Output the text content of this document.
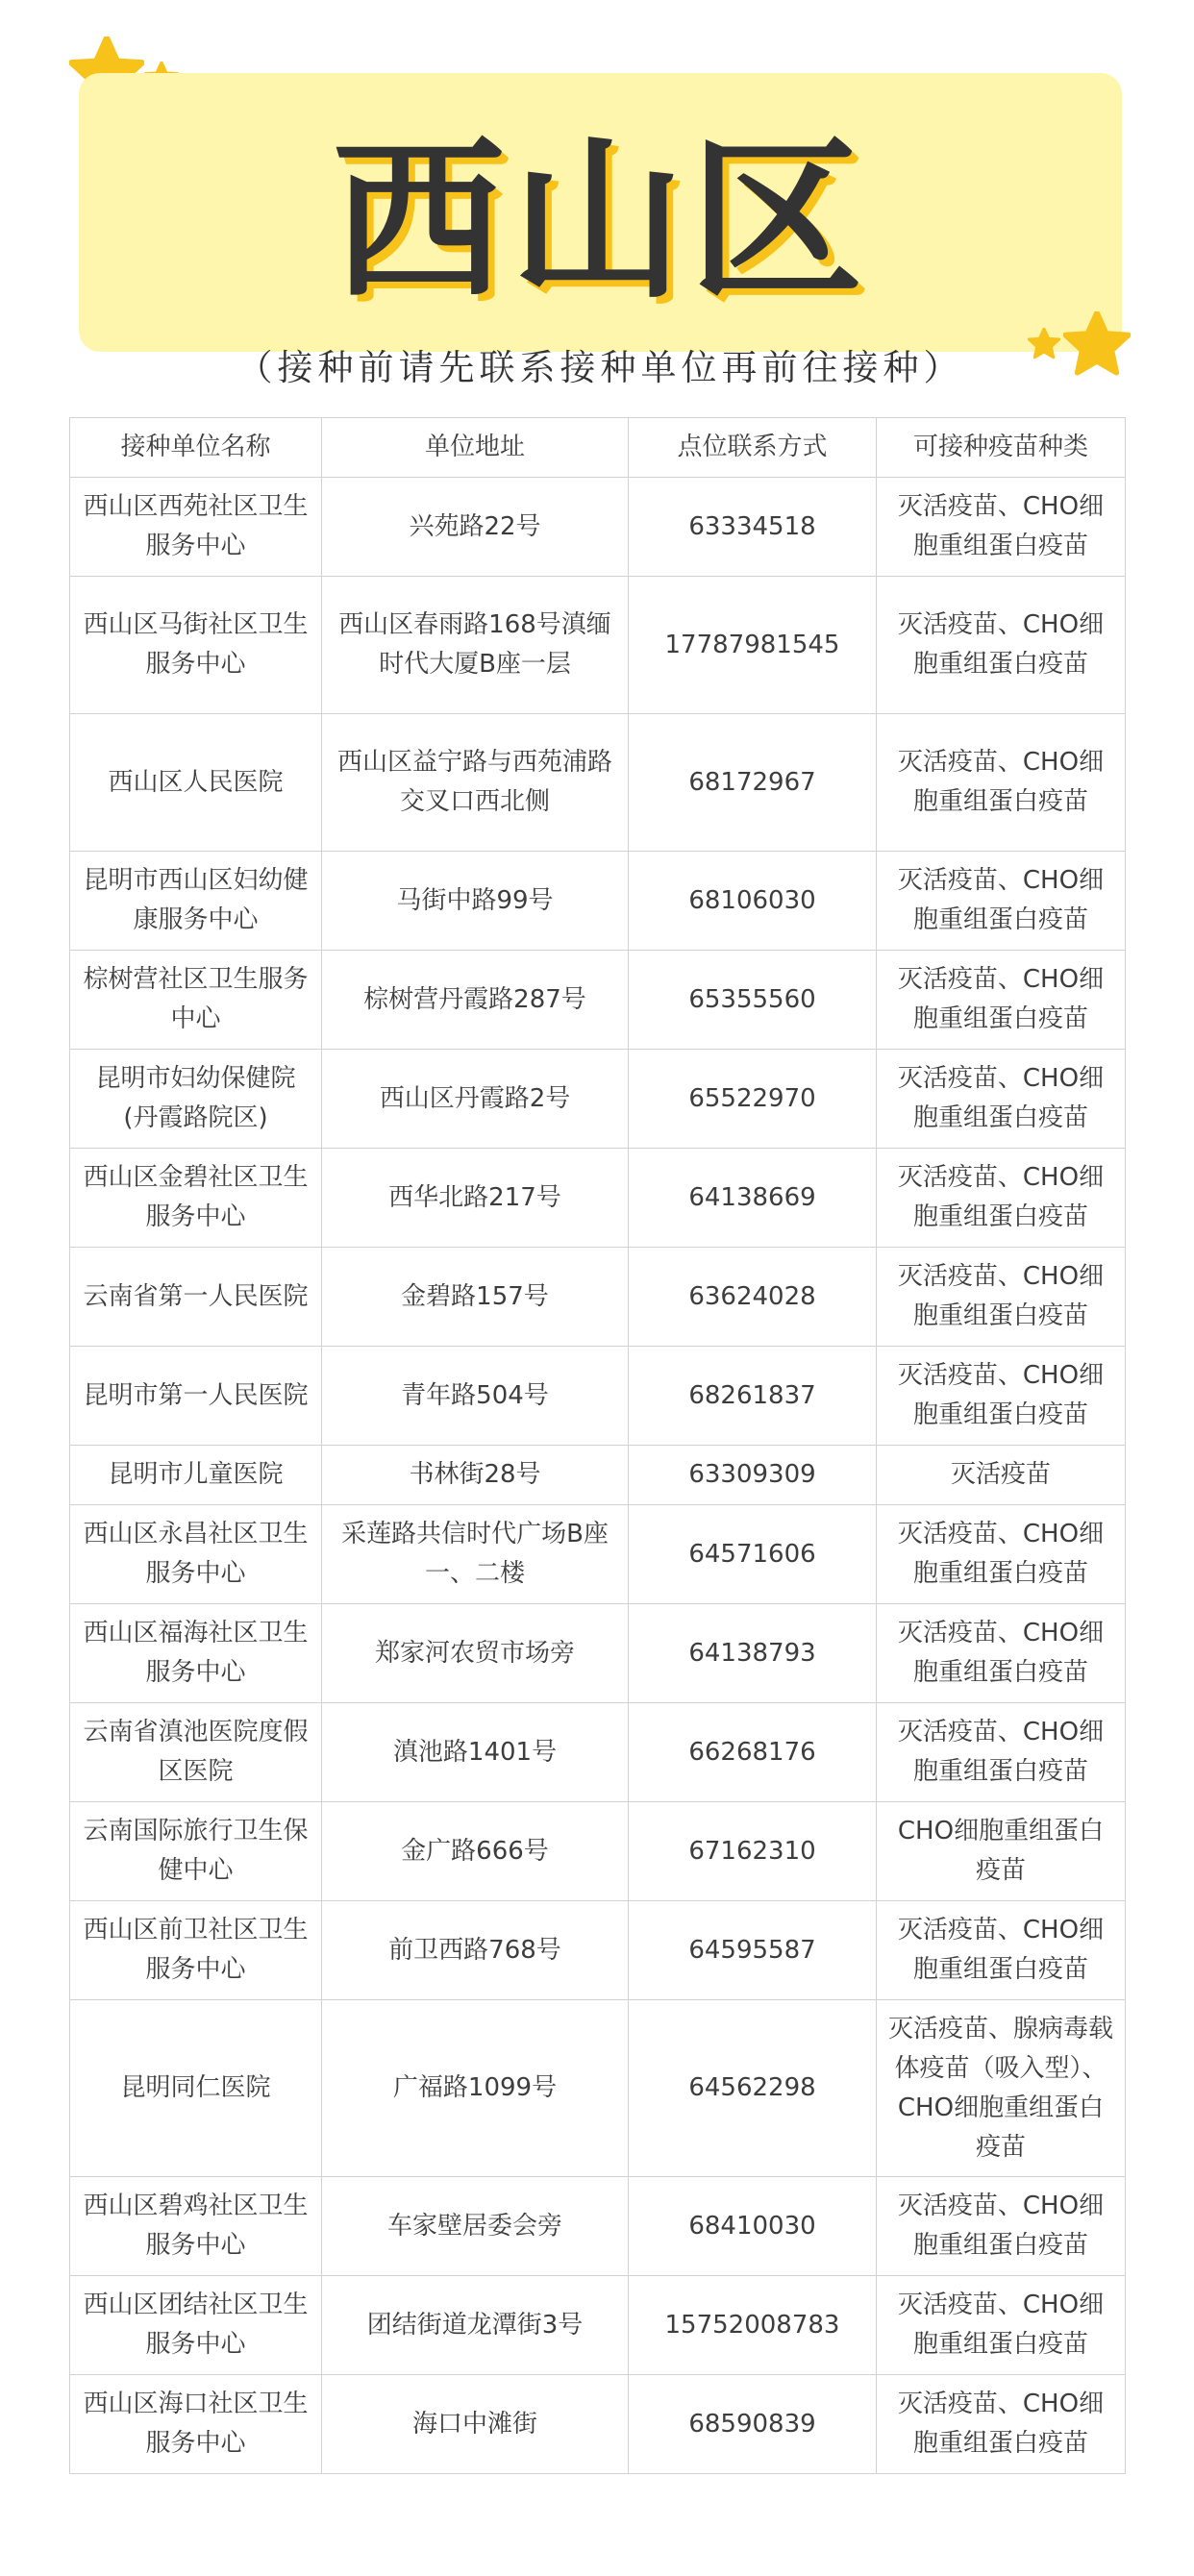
西山区
（接种前请先联系接种单位再前往接种）
接种单位名称	单位地址	点位联系方式	可接种疫苗种类
西山区西苑社区卫生服务中心	兴苑路22号	63334518	灭活疫苗、CHO细胞重组蛋白疫苗
西山区马街社区卫生服务中心	西山区春雨路168号滇缅时代大厦B座一层	17787981545	灭活疫苗、CHO细胞重组蛋白疫苗
西山区人民医院	西山区益宁路与西苑浦路交叉口西北侧	68172967	灭活疫苗、CHO细胞重组蛋白疫苗
昆明市西山区妇幼健康服务中心	马街中路99号	68106030	灭活疫苗、CHO细胞重组蛋白疫苗
棕树营社区卫生服务中心	棕树营丹霞路287号	65355560	灭活疫苗、CHO细胞重组蛋白疫苗
昆明市妇幼保健院 (丹霞路院区)	西山区丹霞路2号	65522970	灭活疫苗、CHO细胞重组蛋白疫苗
西山区金碧社区卫生服务中心	西华北路217号	64138669	灭活疫苗、CHO细胞重组蛋白疫苗
云南省第一人民医院	金碧路157号	63624028	灭活疫苗、CHO细胞重组蛋白疫苗
昆明市第一人民医院	青年路504号	68261837	灭活疫苗、CHO细胞重组蛋白疫苗
昆明市儿童医院	书林街28号	63309309	灭活疫苗
西山区永昌社区卫生服务中心	采莲路共信时代广场B座一、二楼	64571606	灭活疫苗、CHO细胞重组蛋白疫苗
西山区福海社区卫生服务中心	郑家河农贸市场旁	64138793	灭活疫苗、CHO细胞重组蛋白疫苗
云南省滇池医院度假区医院	滇池路1401号	66268176	灭活疫苗、CHO细胞重组蛋白疫苗
云南国际旅行卫生保健中心	金广路666号	67162310	CHO细胞重组蛋白疫苗
西山区前卫社区卫生服务中心	前卫西路768号	64595587	灭活疫苗、CHO细胞重组蛋白疫苗
昆明同仁医院	广福路1099号	64562298	灭活疫苗、腺病毒载体疫苗（吸入型）、CHO细胞重组蛋白疫苗
西山区碧鸡社区卫生服务中心	车家壁居委会旁	68410030	灭活疫苗、CHO细胞重组蛋白疫苗
西山区团结社区卫生服务中心	团结街道龙潭街3号	15752008783	灭活疫苗、CHO细胞重组蛋白疫苗
西山区海口社区卫生服务中心	海口中滩街	68590839	灭活疫苗、CHO细胞重组蛋白疫苗
